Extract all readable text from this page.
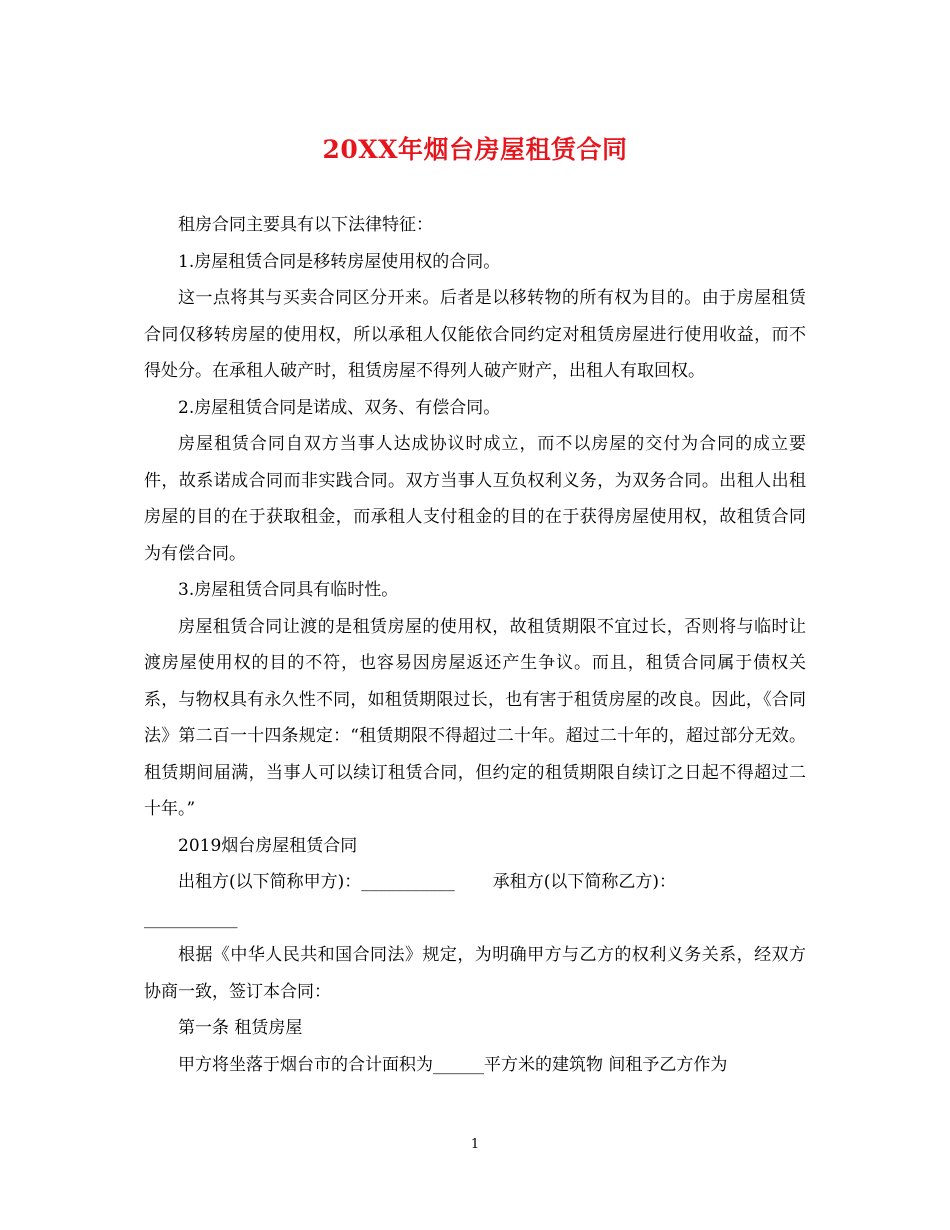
20XX年烟台房屋租赁合同

租房合同主要具有以下法律特征：

1.房屋租赁合同是移转房屋使用权的合同。

这一点将其与买卖合同区分开来。后者是以移转物的所有权为目的。由于房屋租赁合同仅移转房屋的使用权，所以承租人仅能依合同约定对租赁房屋进行使用收益，而不得处分。在承租人破产时，租赁房屋不得列人破产财产，出租人有取回权。

2.房屋租赁合同是诺成、双务、有偿合同。

房屋租赁合同自双方当事人达成协议时成立，而不以房屋的交付为合同的成立要件，故系诺成合同而非实践合同。双方当事人互负权利义务，为双务合同。出租人出租房屋的目的在于获取租金，而承租人支付租金的目的在于获得房屋使用权，故租赁合同为有偿合同。

3.房屋租赁合同具有临时性。

房屋租赁合同让渡的是租赁房屋的使用权，故租赁期限不宜过长，否则将与临时让渡房屋使用权的目的不符，也容易因房屋返还产生争议。而且，租赁合同属于债权关系，与物权具有永久性不同，如租赁期限过长，也有害于租赁房屋的改良。因此，《合同法》第二百一十四条规定：“租赁期限不得超过二十年。超过二十年的，超过部分无效。租赁期间届满，当事人可以续订租赁合同，但约定的租赁期限自续订之日起不得超过二十年。”

2019烟台房屋租赁合同

出租方(以下简称甲方)：___________ 承租方(以下简称乙方)：

___________

根据《中华人民共和国合同法》规定，为明确甲方与乙方的权利义务关系，经双方协商一致，签订本合同：

第一条 租赁房屋

甲方将坐落于烟台市的合计面积为______平方米的建筑物 间租予乙方作为

1
